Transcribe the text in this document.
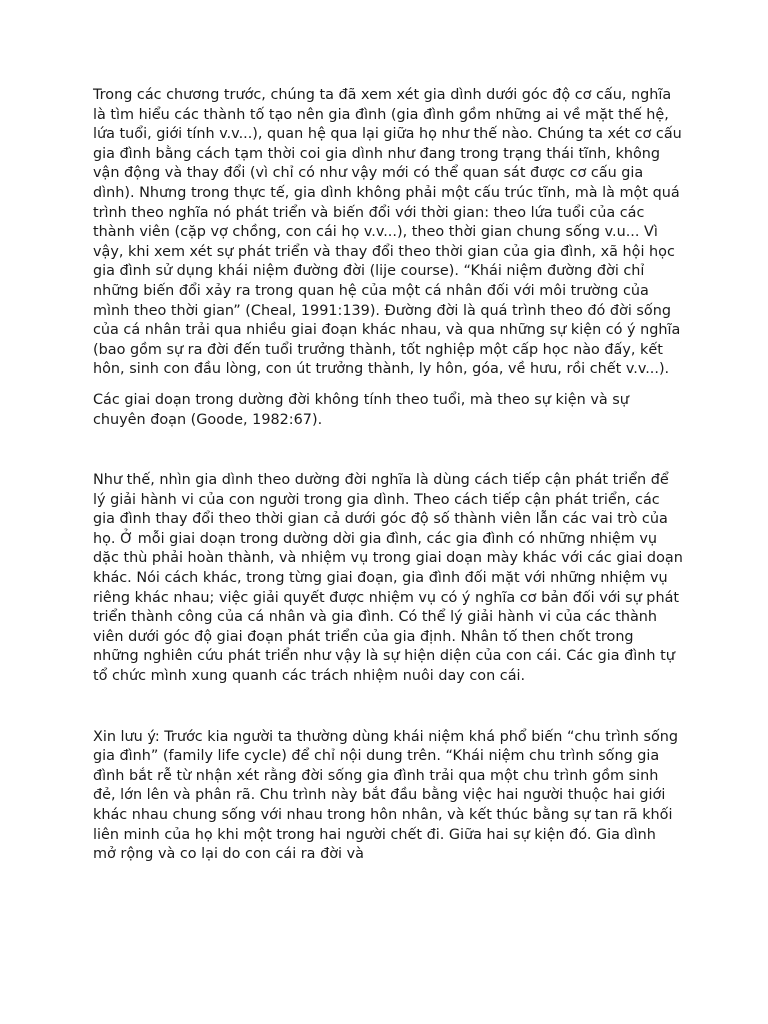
Trong các chương trước, chúng ta đã xem xét gia dình dưới góc độ cơ cấu, nghĩa là tìm hiểu các thành tố tạo nên gia đình (gia đình gồm những ai về mặt thế hệ, lứa tuổi, giới tính v.v...), quan hệ qua lại giữa họ như thế nào. Chúng ta xét cơ cấu gia đình bằng cách tạm thời coi gia dình như đang trong trạng thái tĩnh, không vận động và thay đổi (vì chỉ có như vậy mới có thể quan sát được cơ cấu gia dình). Nhưng trong thực tế, gia dình không phải một cấu trúc tĩnh, mà là một quá trình theo nghĩa nó phát triển và biến đổi với thời gian: theo lứa tuổi của các thành viên (cặp vợ chồng, con cái họ v.v...), theo thời gian chung sống v.u... Vì vậy, khi xem xét sự phát triển và thay đổi theo thời gian của gia đình, xã hội học gia đình sử dụng khái niệm đường đời (lije course). “Khái niệm đường đời chỉ những biến đổi xảy ra trong quan hệ của một cá nhân đối với môi trường của mình theo thời gian” (Cheal, 1991:139). Đường đời là quá trình theo đó đời sống của cá nhân trải qua nhiều giai đoạn khác nhau, và qua những sự kiện có ý nghĩa (bao gồm sự ra đời đến tuổi trưởng thành, tốt nghiệp một cấp học nào đấy, kết hôn, sinh con đầu lòng, con út trưởng thành, ly hôn, góa, về hưu, rồi chết v.v...).

Các giai doạn trong dường đời không tính theo tuổi, mà theo sự kiện và sự chuyên đoạn (Goode, 1982:67).

Như thế, nhìn gia dình theo dường đời nghĩa là dùng cách tiếp cận phát triển để lý giải hành vi của con người trong gia dình. Theo cách tiếp cận phát triển, các gia đình thay đổi theo thời gian cả dưới góc độ số thành viên lẫn các vai trò của họ. Ở mỗi giai doạn trong dường dời gia đình, các gia đình có những nhiệm vụ dặc thù phải hoàn thành, và nhiệm vụ trong giai doạn mày khác với các giai doạn khác. Nói cách khác, trong từng giai đoạn, gia đình đối mặt với những nhiệm vụ riêng khác nhau; việc giải quyết được nhiệm vụ có ý nghĩa cơ bản đối với sự phát triển thành công của cá nhân và gia đình. Có thể lý giải hành vi của các thành viên dưới góc độ giai đoạn phát triển của gia định. Nhân tố then chốt trong những nghiên cứu phát triển như vậy là sự hiện diện của con cái. Các gia đình tự tổ chức mình xung quanh các trách nhiệm nuôi day con cái.

Xin lưu ý: Trước kia người ta thường dùng khái niệm khá phổ biến “chu trình sống gia đình” (family life cycle) để chỉ nội dung trên. “Khái niệm chu trình sống gia đình bắt rễ từ nhận xét rằng đời sống gia đình trải qua một chu trình gồm sinh đẻ, lớn lên và phân rã. Chu trình này bắt đầu bằng việc hai người thuộc hai giới khác nhau chung sống với nhau trong hôn nhân, và kết thúc bằng sự tan rã khối liên minh của họ khi một trong hai người chết đi. Giữa hai sự kiện đó. Gia dình mở rộng và co lại do con cái ra đời và
